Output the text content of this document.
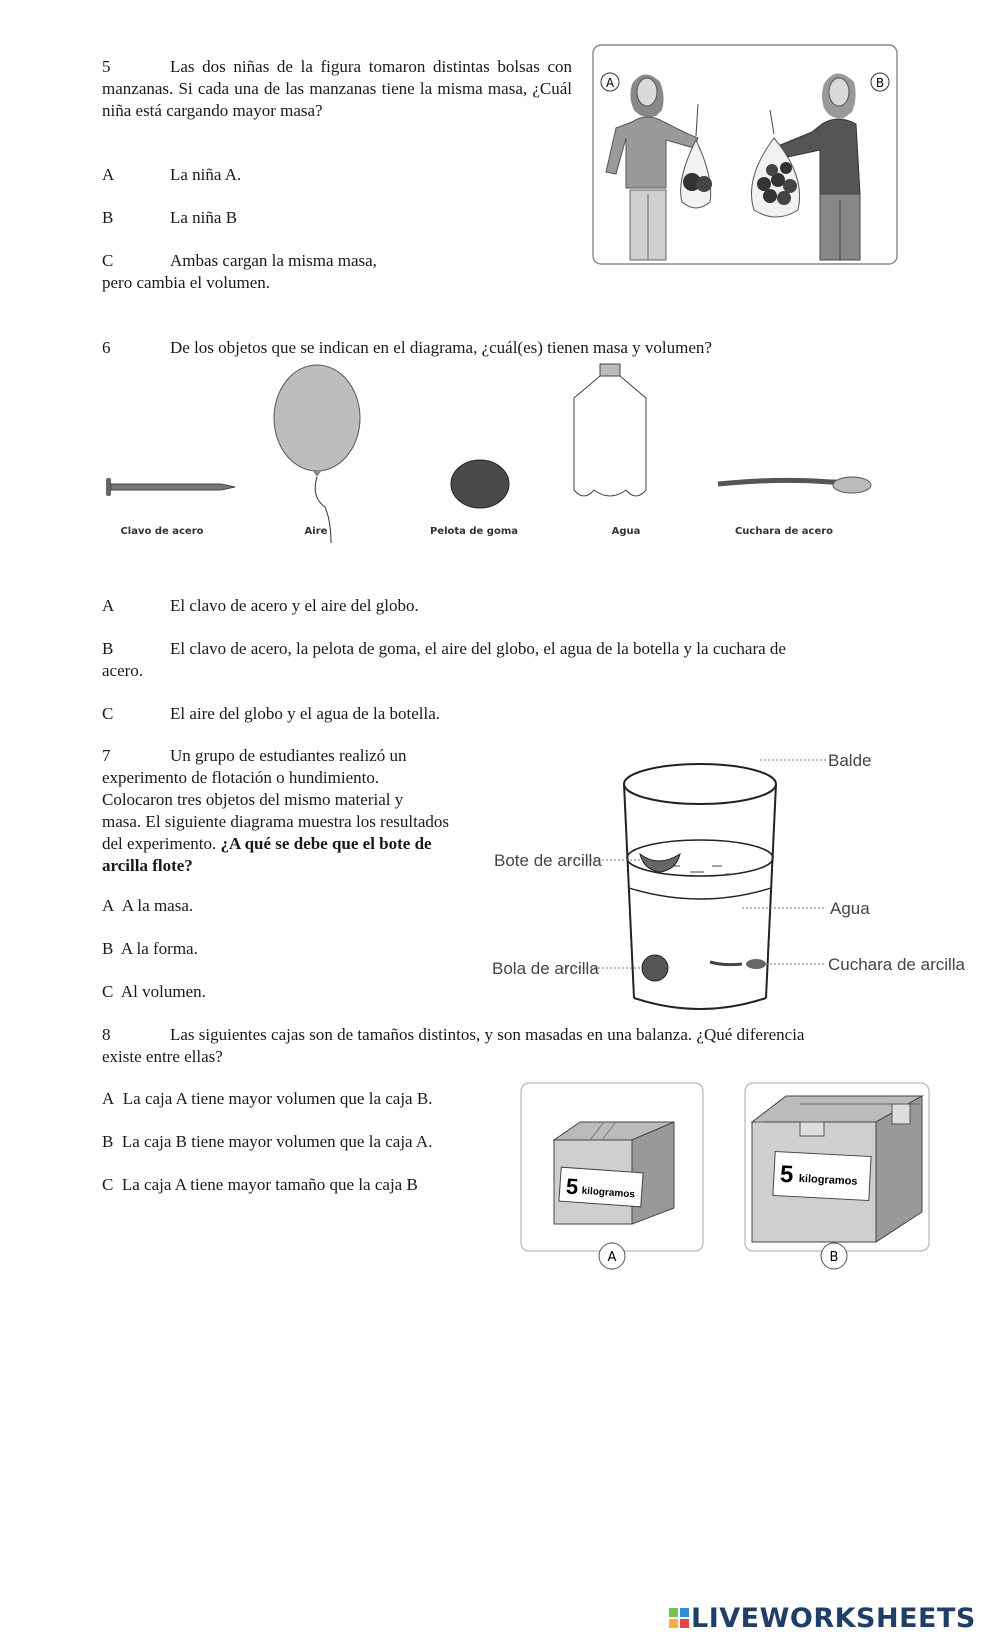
5	Las dos niñas de la figura tomaron distintas bolsas con manzanas. Si cada una de las manzanas tiene la misma masa, ¿Cuál niña está cargando mayor masa?

A	La niña A.

B	La niña B

C	Ambas cargan la misma masa,
pero cambia el volumen.

A	B

6	De los objetos que se indican en el diagrama, ¿cuál(es) tienen masa y volumen?

Clavo de acero	Aire	Pelota de goma	Agua	Cuchara de acero

A	El clavo de acero y el aire del globo.

B	El clavo de acero, la pelota de goma, el aire del globo, el agua de la botella y la cuchara de
acero.

C	El aire del globo y el agua de la botella.

7	Un grupo de estudiantes realizó un
experimento de flotación o hundimiento.
Colocaron tres objetos del mismo material y
masa. El siguiente diagrama muestra los resultados
del experimento. ¿A qué se debe que el bote de
arcilla flote?

A A la masa.

B A la forma.

C Al volumen.

Balde
Bote de arcilla
Agua
Bola de arcilla	Cuchara de arcilla

8	Las siguientes cajas son de tamaños distintos, y son masadas en una balanza. ¿Qué diferencia
existe entre ellas?

A La caja A tiene mayor volumen que la caja B.

B La caja B tiene mayor volumen que la caja A.

C La caja A tiene mayor tamaño que la caja B	5 kilogramos
A
5 kilogramos
B
LIVEWORKSHEETS
